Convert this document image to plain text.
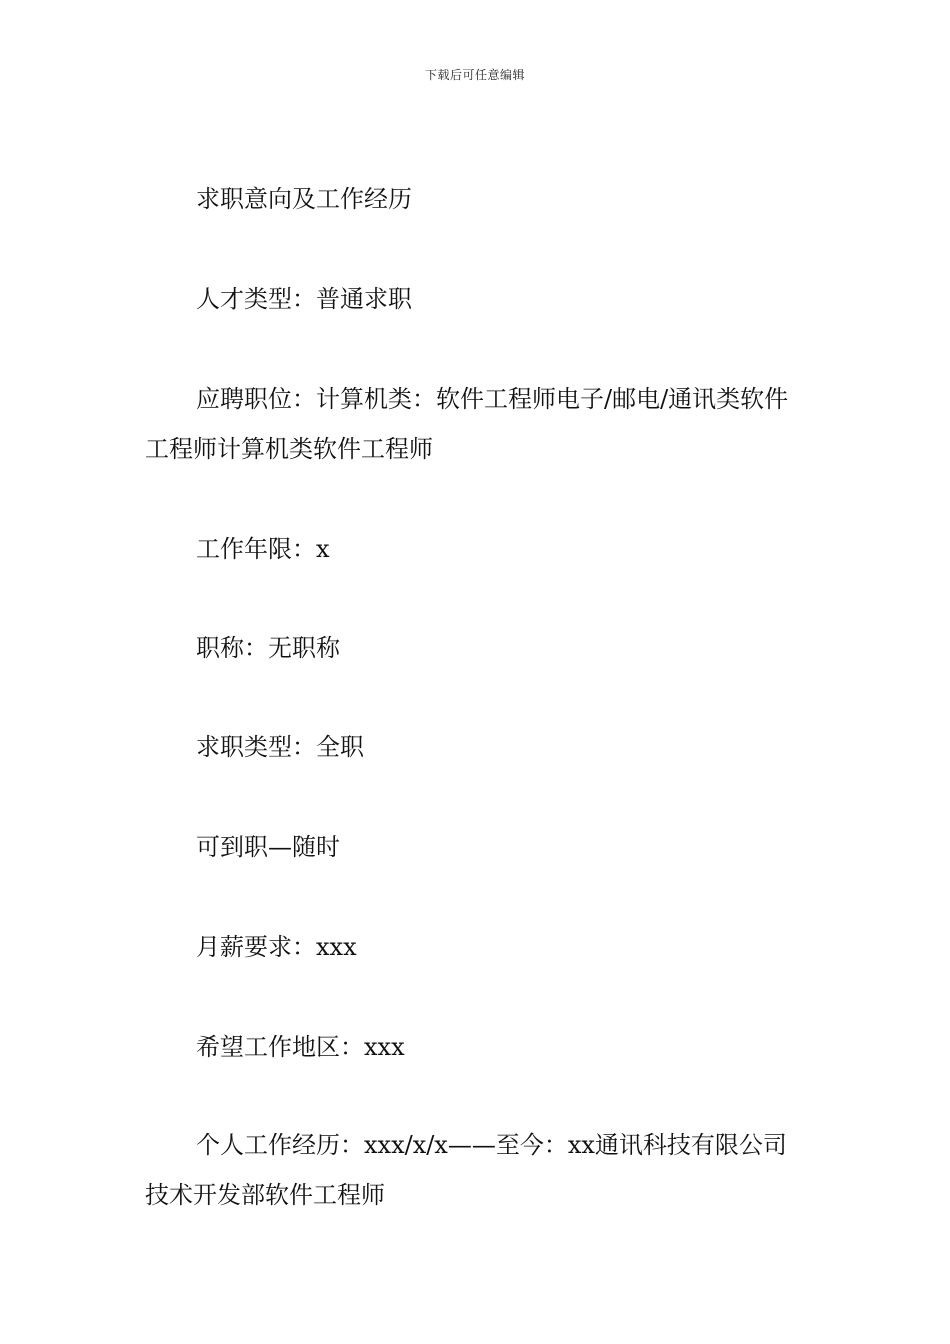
下载后可任意编辑

求职意向及工作经历

人才类型：普通求职

应聘职位：计算机类：软件工程师电子/邮电/通讯类软件工程师计算机类软件工程师

工作年限：x

职称：无职称

求职类型：全职

可到职—随时

月薪要求：xxx

希望工作地区：xxx

个人工作经历：xxx/x/x——至今：xx通讯科技有限公司技术开发部软件工程师
